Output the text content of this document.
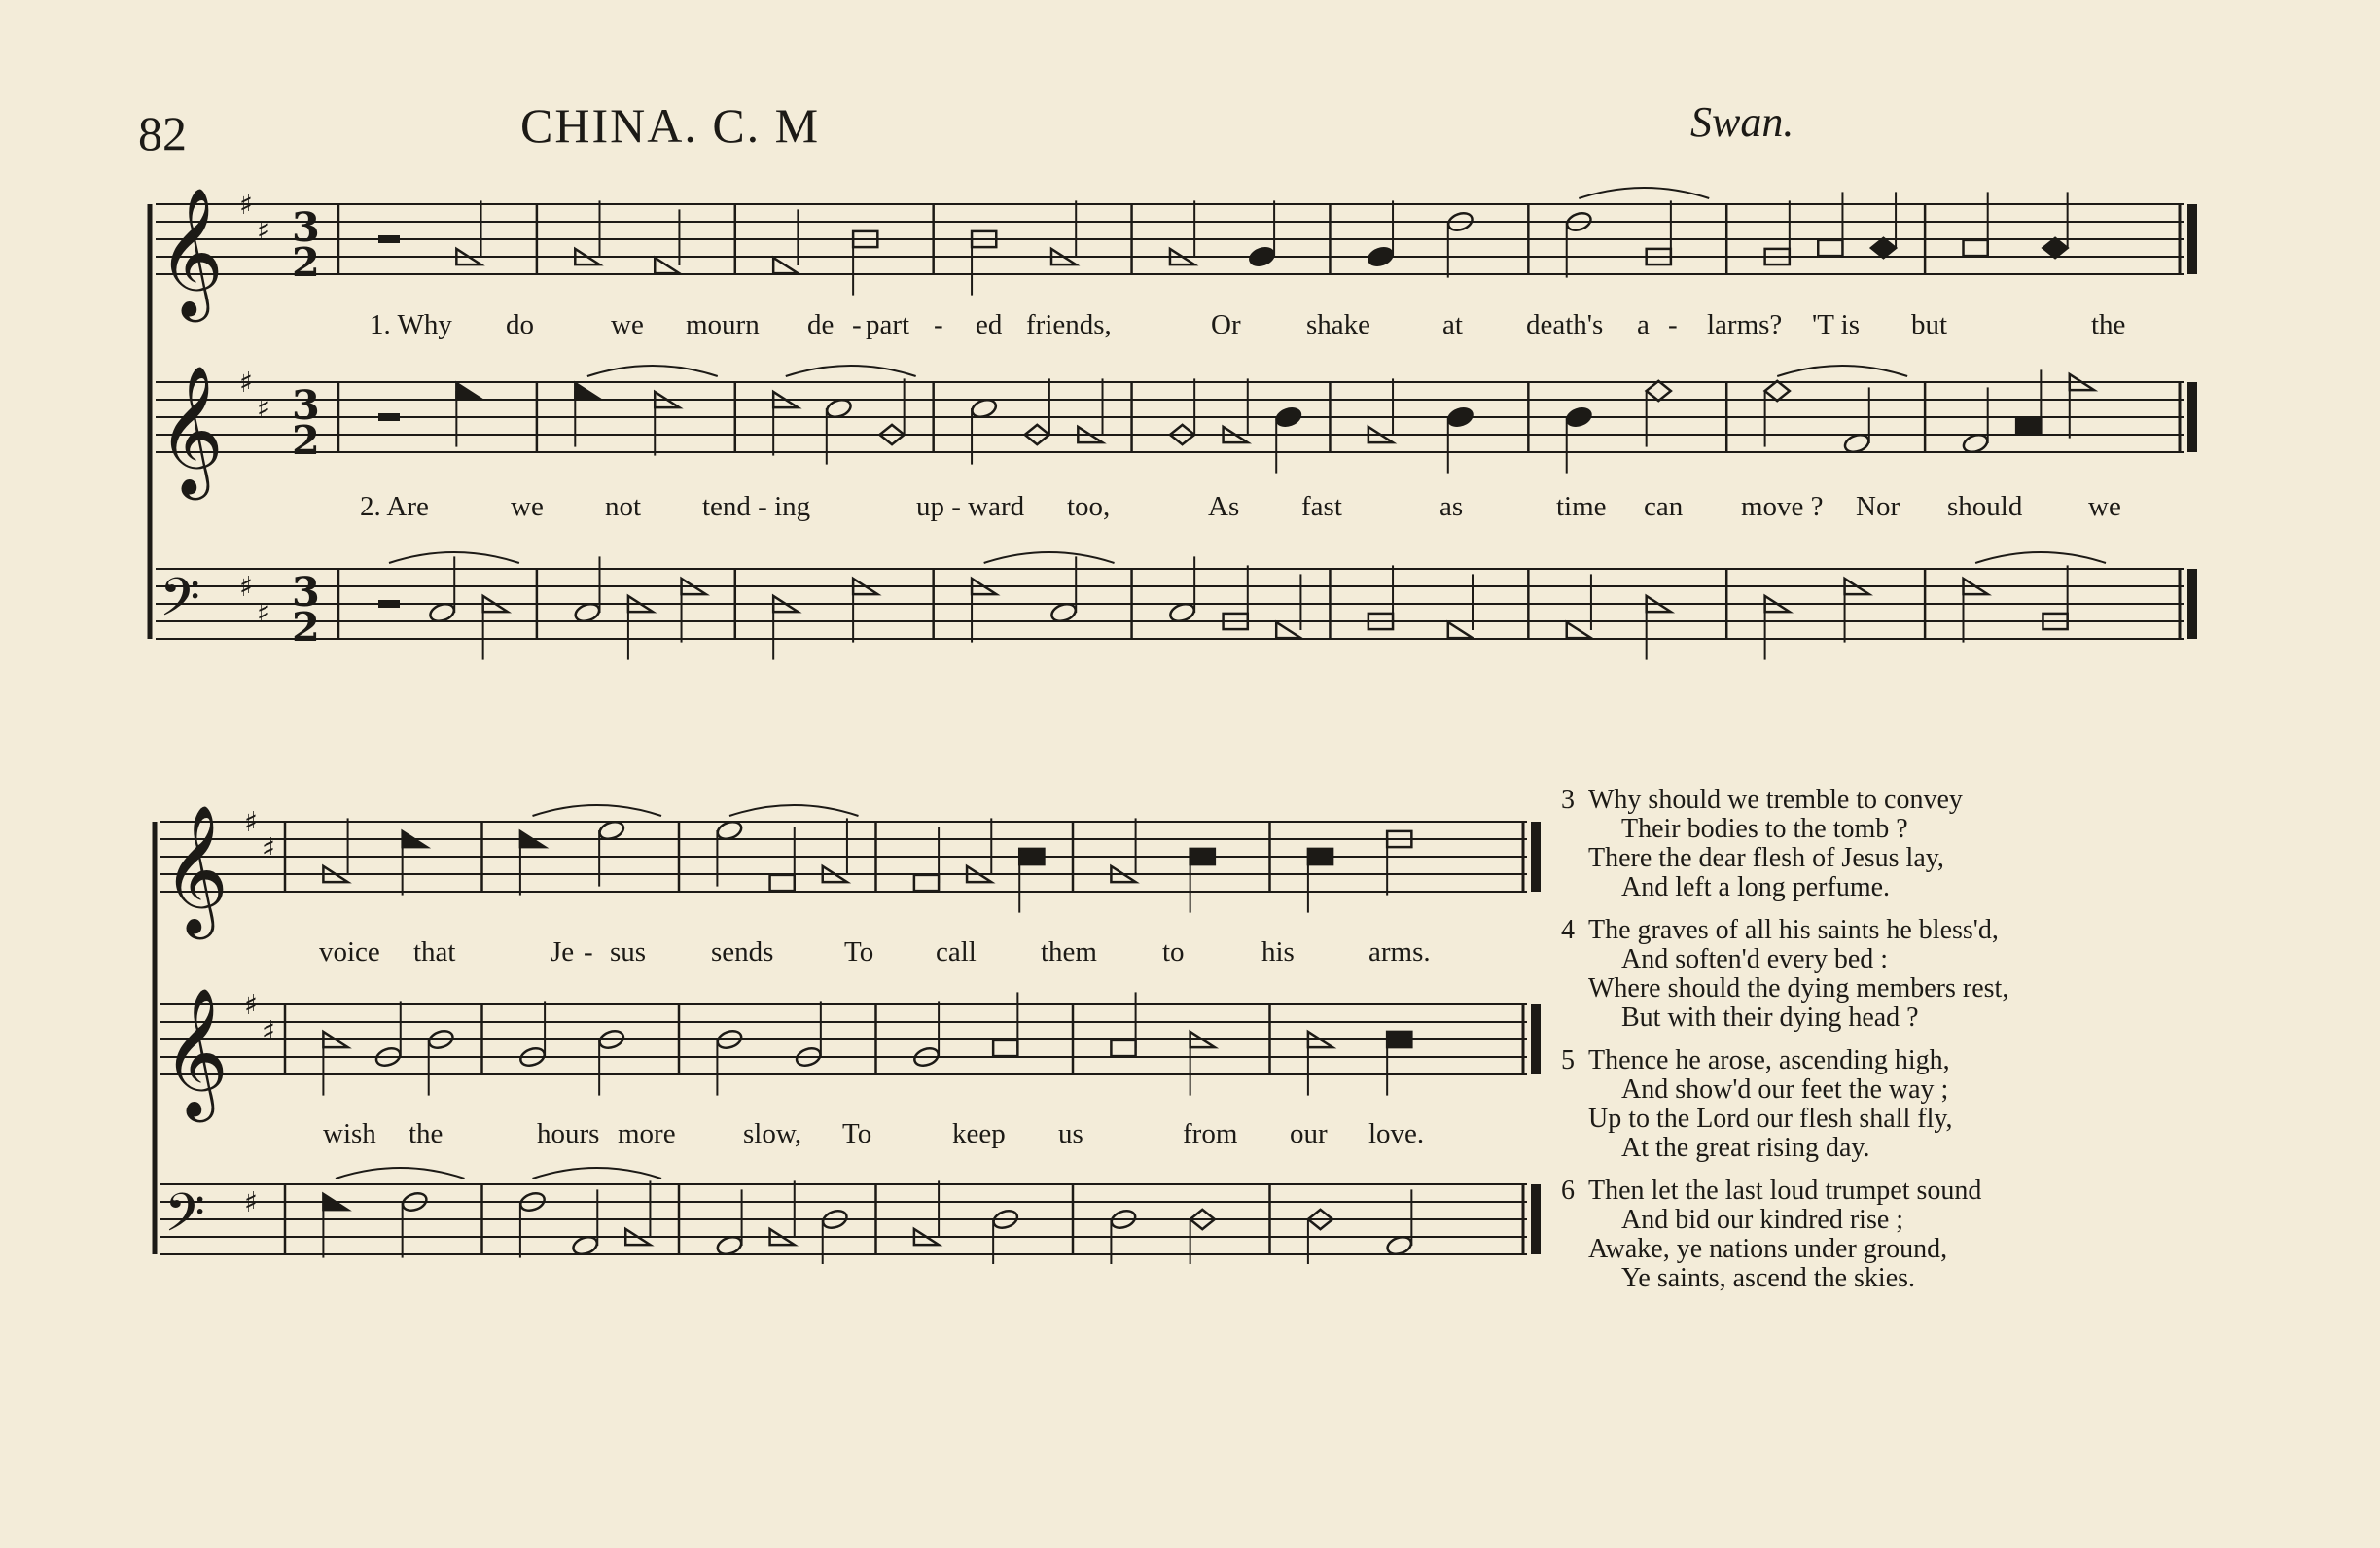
82	CHINA. C. M	Swan.
𝄞 ♯
♯ 3
2
𝄞 ♯
♯ 3
2
𝄢 ♯
♯ 3
2
𝄞 ♯
♯
𝄞 ♯
♯
𝄢 ♯
1. Why do	we mourn de - part - ed friends,	Or shake	at death's a - larms? 'T is but	the
2. Are	we not tend - ing	up - ward too,	As fast	as	time can move ? Nor should we
voice that	Je - sus sends	To call them to	his	arms.
wish the	hours more slow, To	keep us	from our love.
3 Why should we tremble to convey
Their bodies to the tomb ?
There the dear flesh of Jesus lay,
And left a long perfume.
4 The graves of all his saints he bless'd,
And soften'd every bed :
Where should the dying members rest,
But with their dying head ?
5 Thence he arose, ascending high,
And show'd our feet the way ;
Up to the Lord our flesh shall fly,
At the great rising day.
6 Then let the last loud trumpet sound
And bid our kindred rise ;
Awake, ye nations under ground,
Ye saints, ascend the skies.
